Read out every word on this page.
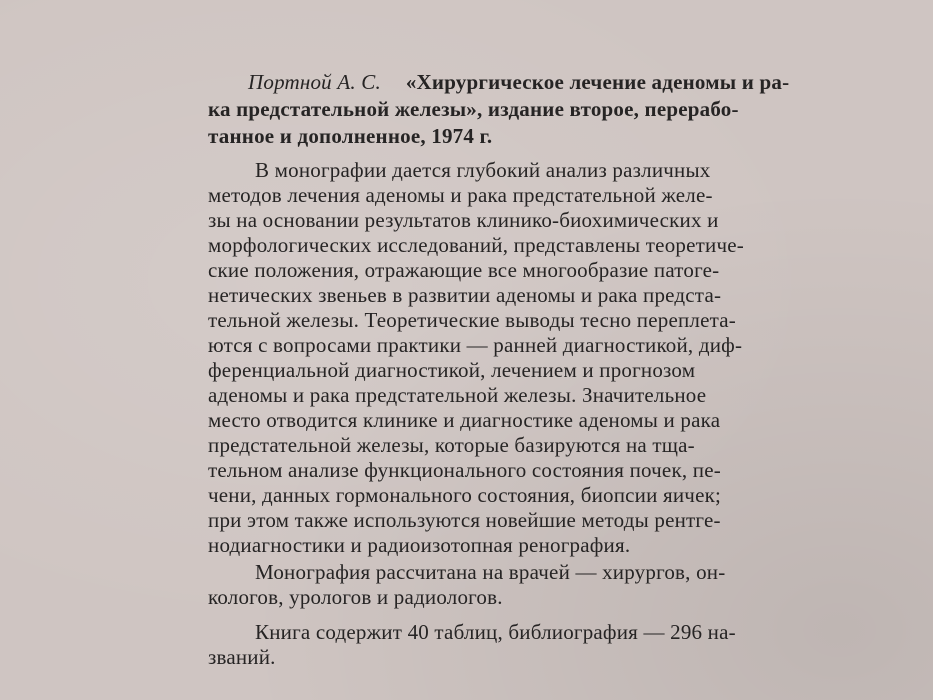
Портной А. С. «Хирургическое лечение аденомы и ра-
ка предстательной железы», издание второе, перерабо-
танное и дополненное, 1974 г.
В монографии дается глубокий анализ различных
методов лечения аденомы и рака предстательной желе-
зы на основании результатов клинико-биохимических и
морфологических исследований, представлены теоретиче-
ские положения, отражающие все многообразие патоге-
нетических звеньев в развитии аденомы и рака предста-
тельной железы. Теоретические выводы тесно переплета-
ются с вопросами практики — ранней диагностикой, диф-
ференциальной диагностикой, лечением и прогнозом
аденомы и рака предстательной железы. Значительное
место отводится клинике и диагностике аденомы и рака
предстательной железы, которые базируются на тща-
тельном анализе функционального состояния почек, пе-
чени, данных гормонального состояния, биопсии яичек;
при этом также используются новейшие методы рентге-
нодиагностики и радиоизотопная ренография.
Монография рассчитана на врачей — хирургов, он-
кологов, урологов и радиологов.
Книга содержит 40 таблиц, библиография — 296 на-
званий.
